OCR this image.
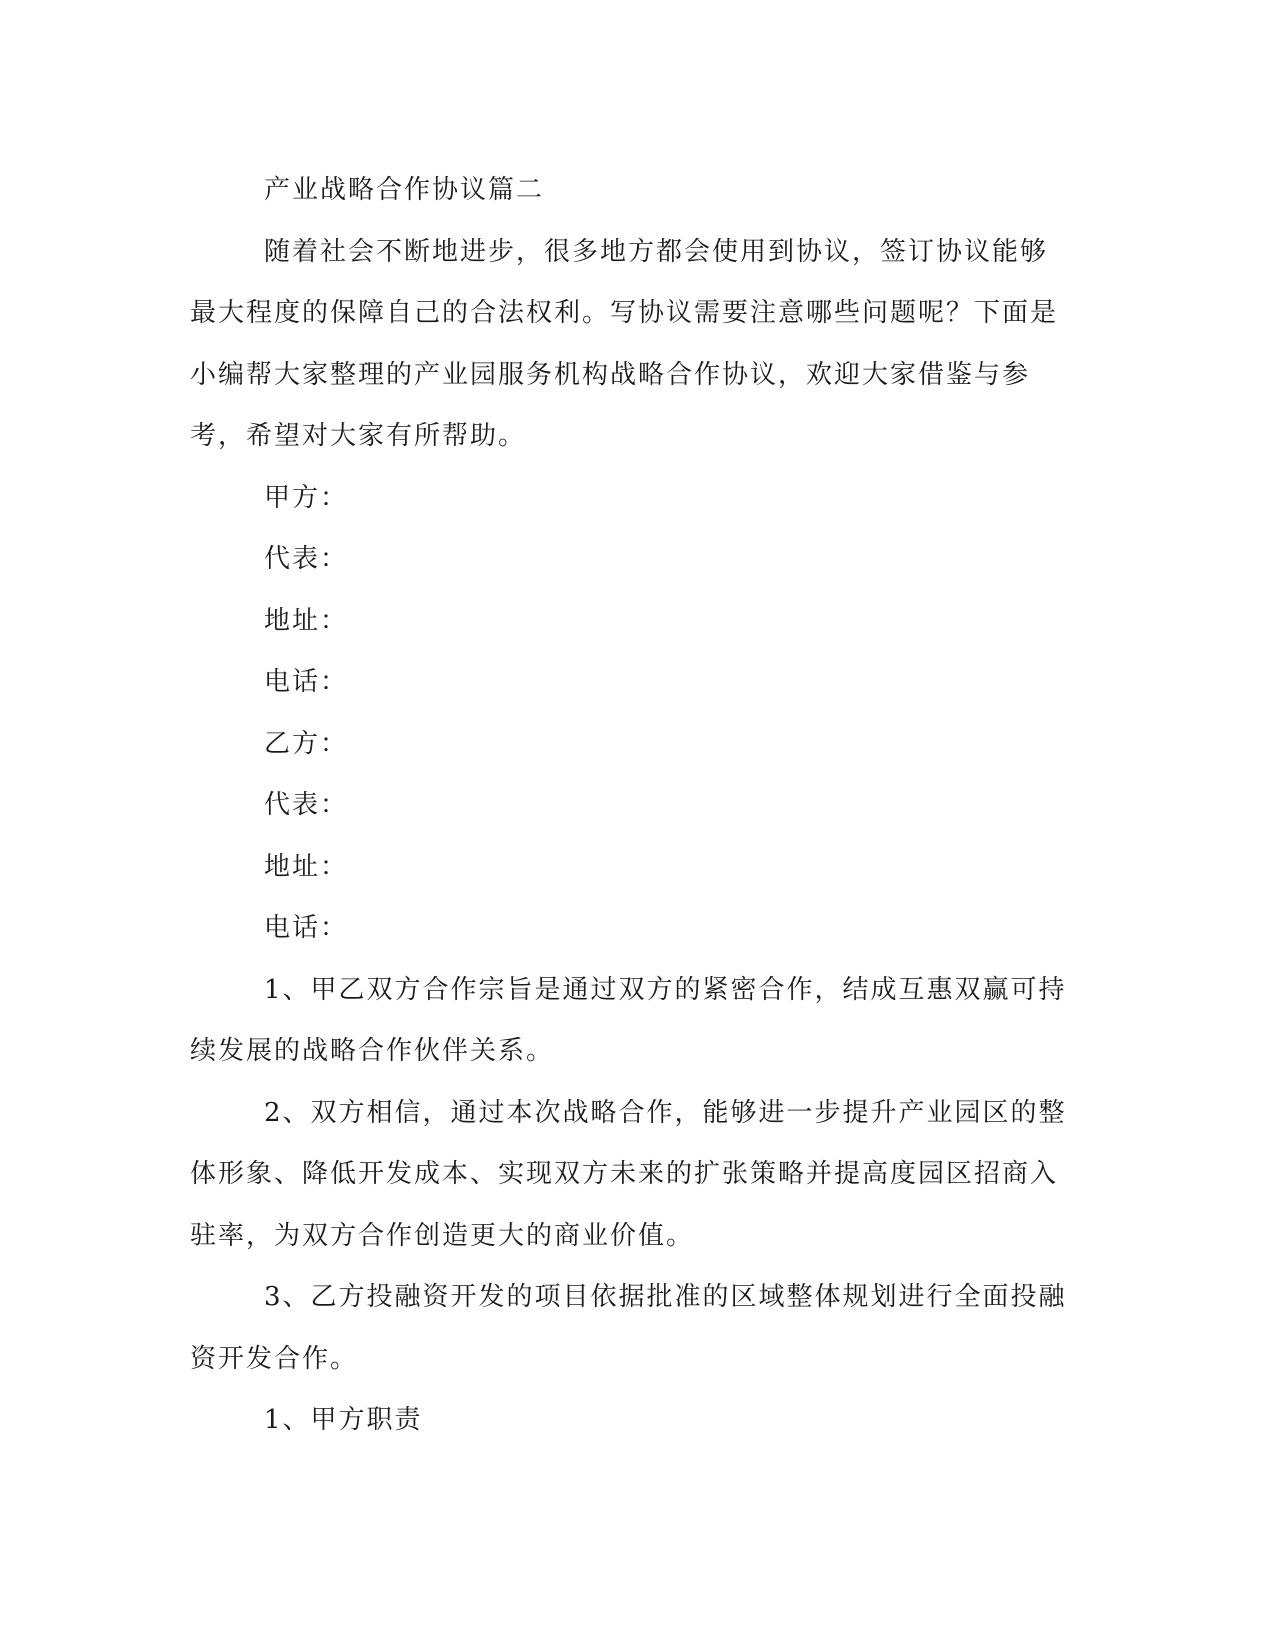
产业战略合作协议篇二

随着社会不断地进步，很多地方都会使用到协议，签订协议能够最大程度的保障自己的合法权利。写协议需要注意哪些问题呢？下面是小编帮大家整理的产业园服务机构战略合作协议，欢迎大家借鉴与参考，希望对大家有所帮助。

甲方：

代表：

地址：

电话：

乙方：

代表：

地址：

电话：

1、甲乙双方合作宗旨是通过双方的紧密合作，结成互惠双赢可持续发展的战略合作伙伴关系。

2、双方相信，通过本次战略合作，能够进一步提升产业园区的整体形象、降低开发成本、实现双方未来的扩张策略并提高度园区招商入驻率，为双方合作创造更大的商业价值。

3、乙方投融资开发的项目依据批准的区域整体规划进行全面投融资开发合作。

1、甲方职责
